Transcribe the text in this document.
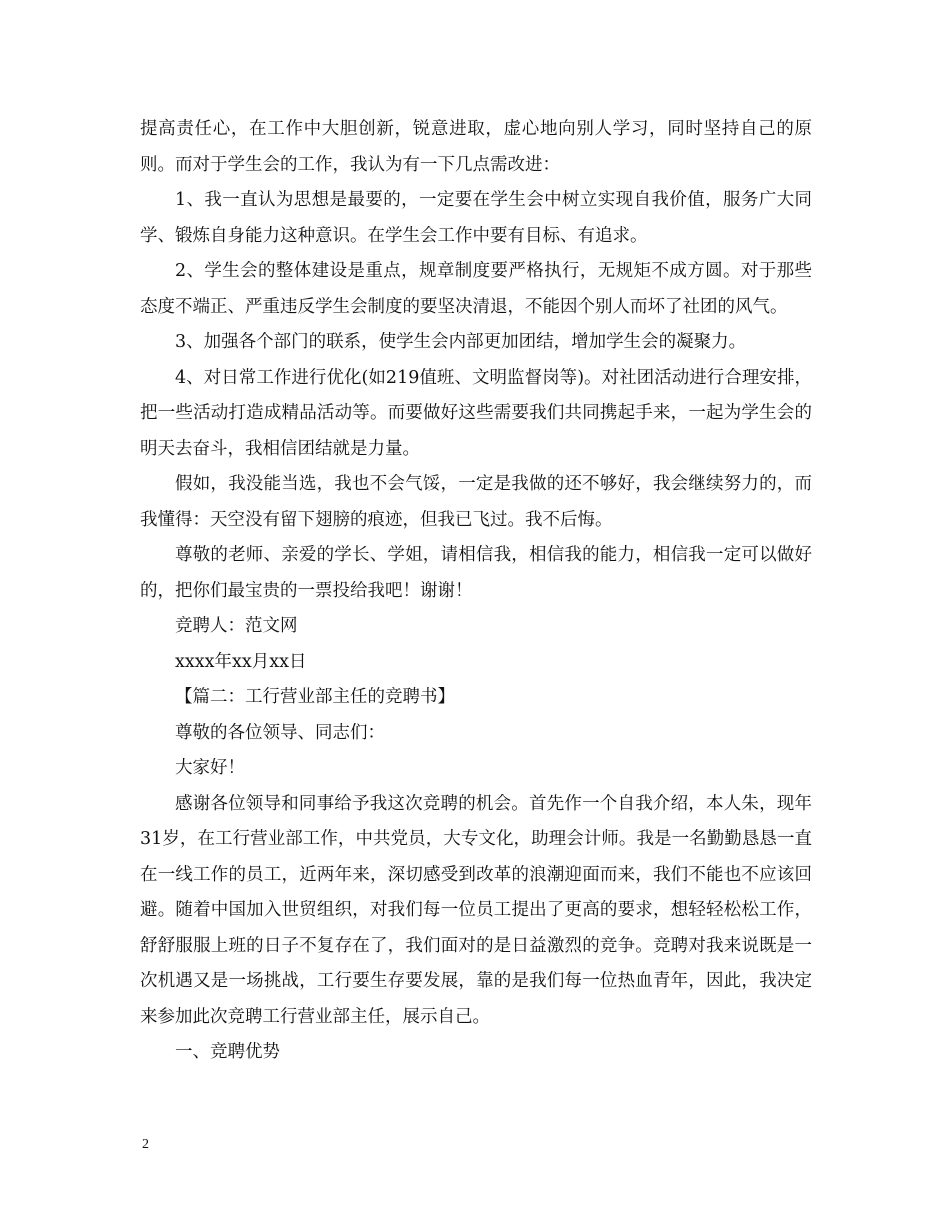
提高责任心，在工作中大胆创新，锐意进取，虚心地向别人学习，同时坚持自己的原则。而对于学生会的工作，我认为有一下几点需改进：

1、我一直认为思想是最要的，一定要在学生会中树立实现自我价值，服务广大同学、锻炼自身能力这种意识。在学生会工作中要有目标、有追求。

2、学生会的整体建设是重点，规章制度要严格执行，无规矩不成方圆。对于那些态度不端正、严重违反学生会制度的要坚决清退，不能因个别人而坏了社团的风气。

3、加强各个部门的联系，使学生会内部更加团结，增加学生会的凝聚力。

4、对日常工作进行优化(如219值班、文明监督岗等)。对社团活动进行合理安排，把一些活动打造成精品活动等。而要做好这些需要我们共同携起手来，一起为学生会的明天去奋斗，我相信团结就是力量。

假如，我没能当选，我也不会气馁，一定是我做的还不够好，我会继续努力的，而我懂得：天空没有留下翅膀的痕迹，但我已飞过。我不后悔。

尊敬的老师、亲爱的学长、学姐，请相信我，相信我的能力，相信我一定可以做好的，把你们最宝贵的一票投给我吧！谢谢！

竞聘人：范文网

xxxx年xx月xx日

【篇二：工行营业部主任的竞聘书】

尊敬的各位领导、同志们：

大家好！

感谢各位领导和同事给予我这次竞聘的机会。首先作一个自我介绍，本人朱，现年31岁，在工行营业部工作，中共党员，大专文化，助理会计师。我是一名勤勤恳恳一直在一线工作的员工，近两年来，深切感受到改革的浪潮迎面而来，我们不能也不应该回避。随着中国加入世贸组织，对我们每一位员工提出了更高的要求，想轻轻松松工作，舒舒服服上班的日子不复存在了，我们面对的是日益激烈的竞争。竞聘对我来说既是一次机遇又是一场挑战，工行要生存要发展，靠的是我们每一位热血青年，因此，我决定来参加此次竞聘工行营业部主任，展示自己。

一、竞聘优势

2
